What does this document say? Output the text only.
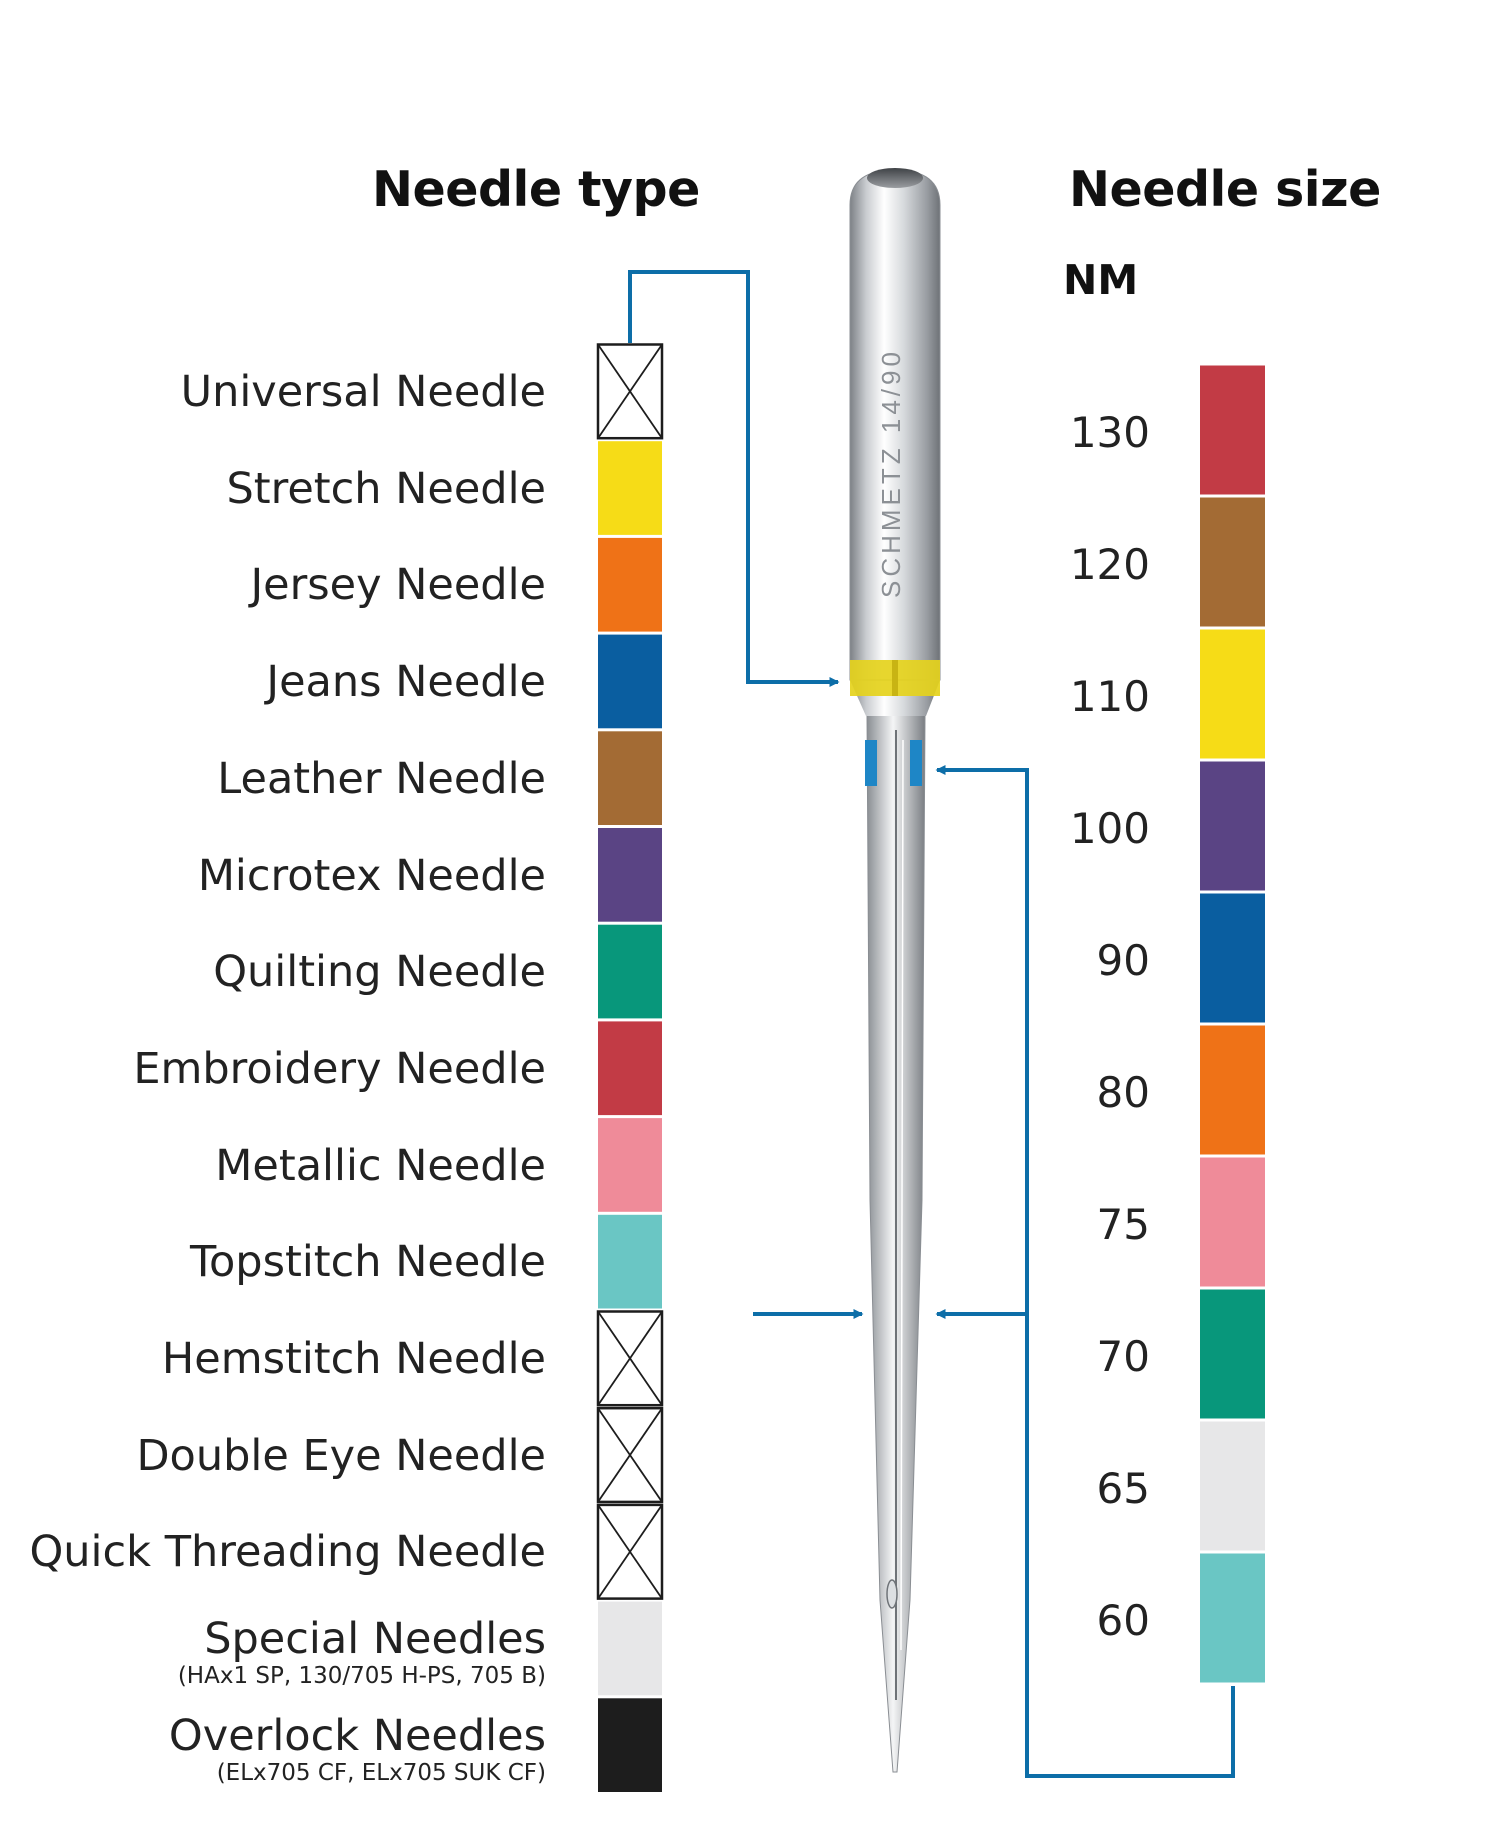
Needle type	Needle size
NM
Universal Needle
Stretch Needle
Jersey Needle
Jeans Needle
Leather Needle
Microtex Needle
Quilting Needle
Embroidery Needle
Metallic Needle
Topstitch Needle
Hemstitch Needle
Double Eye Needle
Quick Threading Needle
Special Needles
(HAx1 SP, 130/705 H-PS, 705 B)
Overlock Needles
(ELx705 CF, ELx705 SUK CF)
130
120
110
100
90
80
75
70
65
60
SCHMETZ 14/90
